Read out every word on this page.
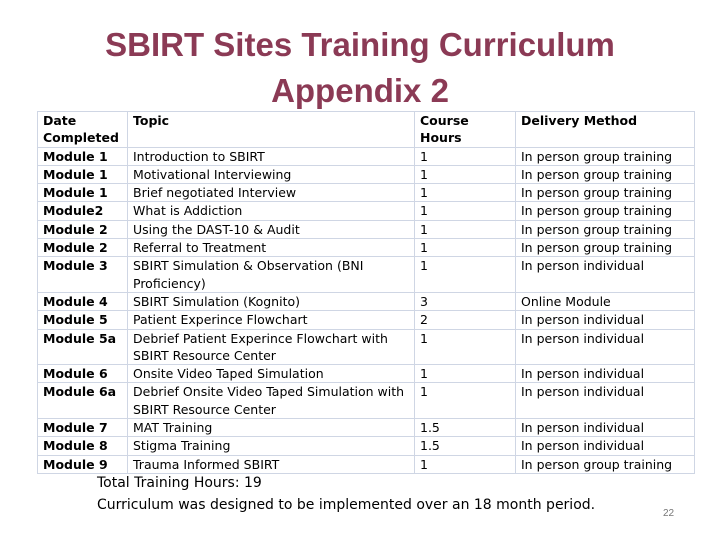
SBIRT Sites Training Curriculum
Appendix 2
Date Completed	Topic	Course Hours	Delivery Method
Module 1	Introduction to SBIRT	1	In person group training
Module 1	Motivational Interviewing	1	In person group training
Module 1	Brief negotiated Interview	1	In person group training
Module2	What is Addiction	1	In person group training
Module 2	Using the DAST-10 & Audit	1	In person group training
Module 2	Referral to Treatment	1	In person group training
Module 3	SBIRT Simulation & Observation (BNI Proficiency)	1	In person individual
Module 4	SBIRT Simulation (Kognito)	3	Online Module
Module 5	Patient Experince Flowchart	2	In person individual
Module 5a	Debrief Patient Experince Flowchart with SBIRT Resource Center	1	In person individual
Module 6	Onsite Video Taped Simulation	1	In person individual
Module 6a	Debrief Onsite Video Taped Simulation with SBIRT Resource Center	1	In person individual
Module 7	MAT Training	1.5	In person individual
Module 8	Stigma Training	1.5	In person individual
Module 9	Trauma Informed SBIRT	1	In person group training
Total Training Hours: 19
Curriculum was designed to be implemented over an 18 month period.
22
